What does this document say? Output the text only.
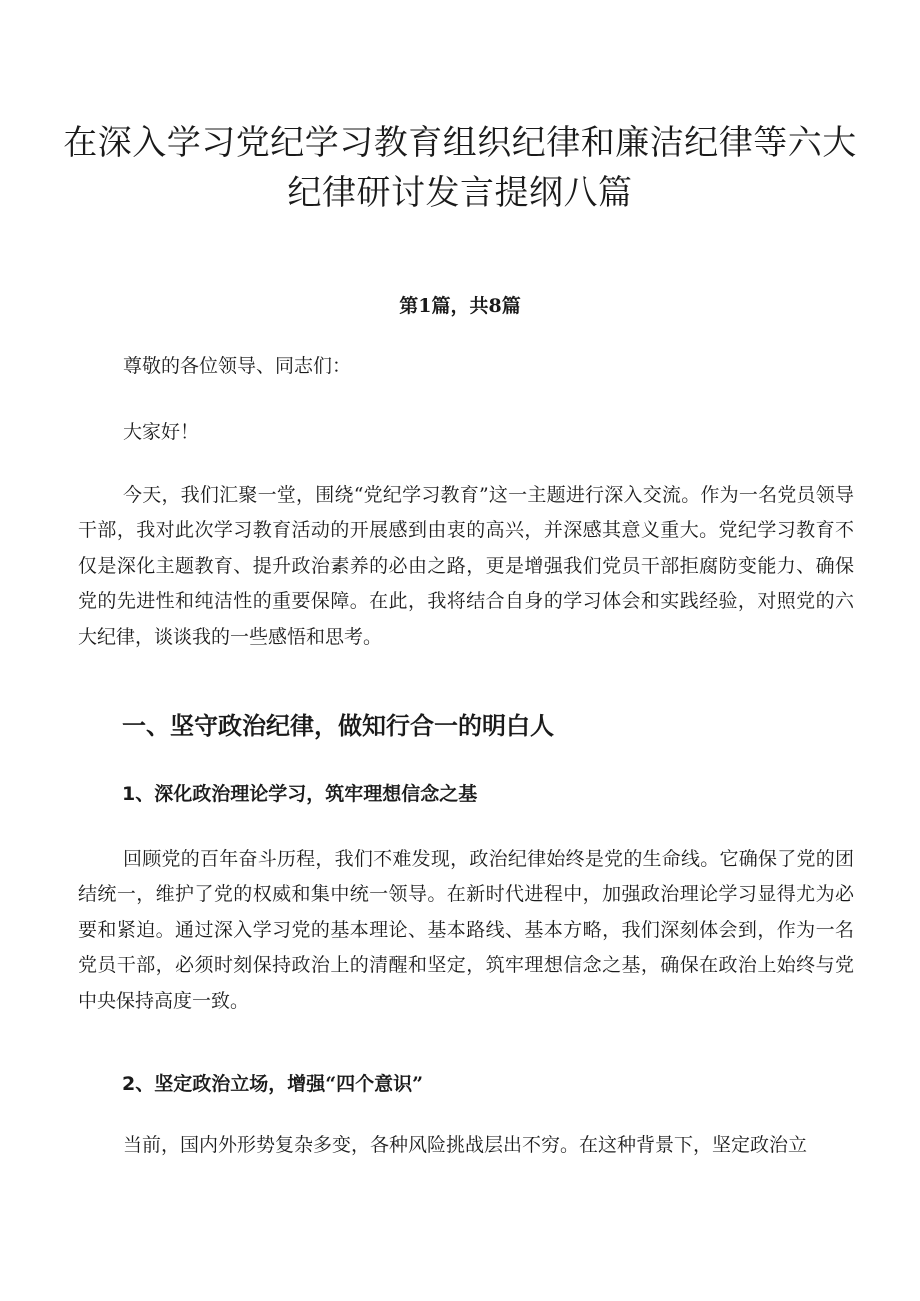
在深入学习党纪学习教育组织纪律和廉洁纪律等六大纪律研讨发言提纲八篇

第1篇，共8篇

尊敬的各位领导、同志们：

大家好！

今天，我们汇聚一堂，围绕“党纪学习教育”这一主题进行深入交流。作为一名党员领导干部，我对此次学习教育活动的开展感到由衷的高兴，并深感其意义重大。党纪学习教育不仅是深化主题教育、提升政治素养的必由之路，更是增强我们党员干部拒腐防变能力、确保党的先进性和纯洁性的重要保障。在此，我将结合自身的学习体会和实践经验，对照党的六大纪律，谈谈我的一些感悟和思考。

一、坚守政治纪律，做知行合一的明白人
1、深化政治理论学习，筑牢理想信念之基

回顾党的百年奋斗历程，我们不难发现，政治纪律始终是党的生命线。它确保了党的团结统一，维护了党的权威和集中统一领导。在新时代进程中，加强政治理论学习显得尤为必要和紧迫。通过深入学习党的基本理论、基本路线、基本方略，我们深刻体会到，作为一名党员干部，必须时刻保持政治上的清醒和坚定，筑牢理想信念之基，确保在政治上始终与党中央保持高度一致。

2、坚定政治立场，增强“四个意识”

当前，国内外形势复杂多变，各种风险挑战层出不穷。在这种背景下，坚定政治立
